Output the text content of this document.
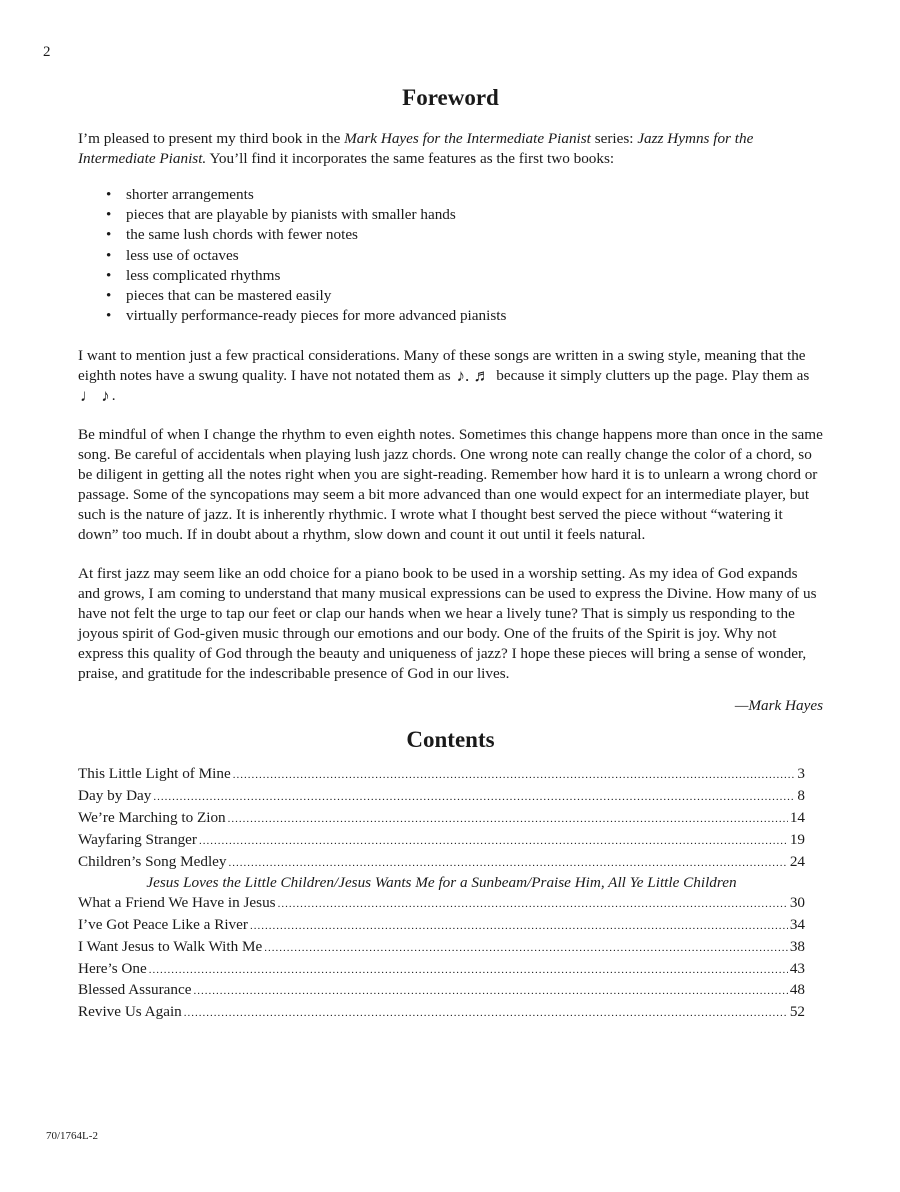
2
Foreword

I’m pleased to present my third book in the Mark Hayes for the Intermediate Pianist series: Jazz Hymns for the Intermediate Pianist. You’ll find it incorporates the same features as the first two books:

• shorter arrangements
• pieces that are playable by pianists with smaller hands
• the same lush chords with fewer notes
• less use of octaves
• less complicated rhythms
• pieces that can be mastered easily
• virtually performance-ready pieces for more advanced pianists

I want to mention just a few practical considerations. Many of these songs are written in a swing style, meaning that the eighth notes have a swung quality. I have not notated them as ♪. ♬ because it simply clutters up the page. Play them as ♩ ♪ .

Be mindful of when I change the rhythm to even eighth notes. Sometimes this change happens more than once in the same song. Be careful of accidentals when playing lush jazz chords. One wrong note can really change the color of a chord, so be diligent in getting all the notes right when you are sight-reading. Remember how hard it is to unlearn a wrong chord or passage. Some of the syncopations may seem a bit more advanced than one would expect for an intermediate player, but such is the nature of jazz. It is inherently rhythmic. I wrote what I thought best served the piece without “watering it down” too much. If in doubt about a rhythm, slow down and count it out until it feels natural.

At first jazz may seem like an odd choice for a piano book to be used in a worship setting. As my idea of God expands and grows, I am coming to understand that many musical expressions can be used to express the Divine. How many of us have not felt the urge to tap our feet or clap our hands when we hear a lively tune? That is simply us responding to the joyous spirit of God-given music through our emotions and our body. One of the fruits of the Spirit is joy. Why not express this quality of God through the beauty and uniqueness of jazz? I hope these pieces will bring a sense of wonder, praise, and gratitude for the indescribable presence of God in our lives.

—Mark Hayes
Contents
This Little Light of Mine .....	3
Day by Day .....	8
We’re Marching to Zion .....	14
Wayfaring Stranger .....	19
Children’s Song Medley .....	24
Jesus Loves the Little Children/Jesus Wants Me for a Sunbeam/Praise Him, All Ye Little Children
What a Friend We Have in Jesus .....	30
I’ve Got Peace Like a River .....	34
I Want Jesus to Walk With Me .....	38
Here’s One .....	43
Blessed Assurance .....	48
Revive Us Again .....	52
70/1764L-2
